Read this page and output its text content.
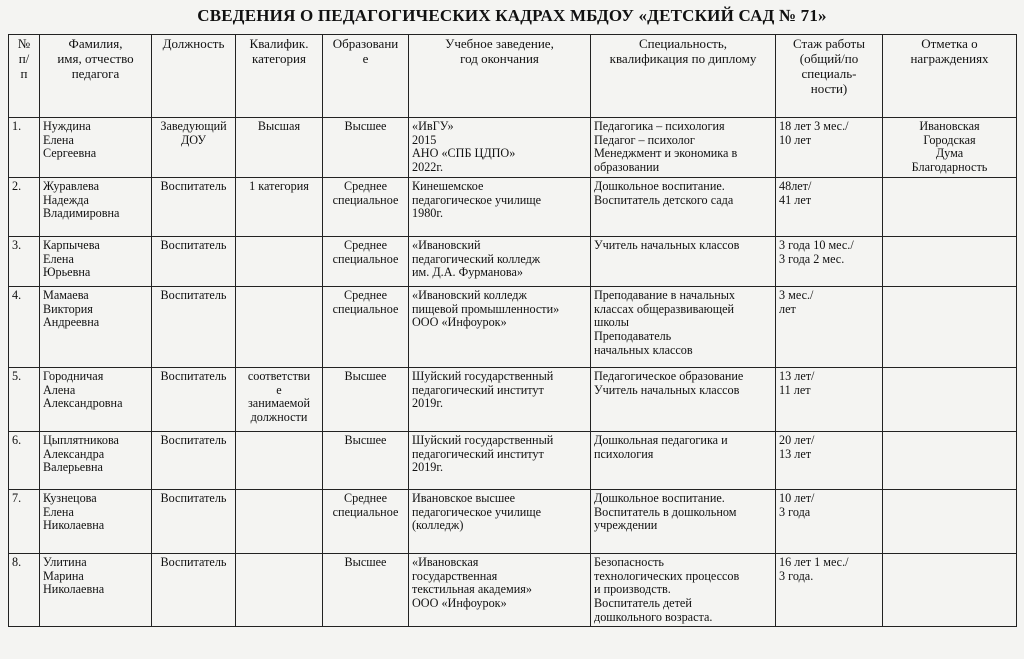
СВЕДЕНИЯ О ПЕДАГОГИЧЕСКИХ КАДРАХ МБДОУ «ДЕТСКИЙ САД № 71»
№
п/
п	Фамилия,
имя, отчество
педагога	Должность	Квалифик.
категория	Образовани
е	Учебное заведение,
год окончания	Специальность,
квалификация по диплому	Стаж работы
(общий/по
специаль-
ности)	Отметка о
награждениях

1.	Нуждина
Елена
Сергеевна	Заведующий
ДОУ	Высшая	Высшее	«ИвГУ»
2015
АНО «СПБ ЦДПО»
2022г.	Педагогика – психология
Педагог – психолог
Менеджмент и экономика в
образовании	18 лет 3 мес./
10 лет	Ивановская
Городская
Дума
Благодарность

2.	Журавлева
Надежда
Владимировна	Воспитатель	1 категория	Среднее
специальное	Кинешемское
педагогическое училище
1980г.	Дошкольное воспитание.
Воспитатель детского сада	48лет/
41 лет	

3.	Карпычева
Елена
Юрьевна	Воспитатель		Среднее
специальное	«Ивановский
педагогический колледж
им. Д.А. Фурманова»	Учитель начальных классов	3 года 10 мес./
3 года 2 мес.	

4.	Мамаева
Виктория
Андреевна	Воспитатель		Среднее
специальное	«Ивановский колледж
пищевой промышленности»
ООО «Инфоурок»	Преподавание в начальных
классах общеразвивающей
школы
Преподаватель
начальных классов	3 мес./
лет	

5.	Городничая
Алена
Александровна	Воспитатель	соответстви
е
занимаемой
должности	Высшее	Шуйский государственный
педагогический институт
2019г.	Педагогическое образование
Учитель начальных классов	13 лет/
11 лет	

6.	Цыплятникова
Александра
Валерьевна	Воспитатель		Высшее	Шуйский государственный
педагогический институт
2019г.	Дошкольная педагогика и
психология	20 лет/
13 лет	

7.	Кузнецова
Елена
Николаевна	Воспитатель		Среднее
специальное	Ивановское высшее
педагогическое училище
(колледж)	Дошкольное воспитание.
Воспитатель в дошкольном
учреждении	10 лет/
3 года	

8.	Улитина
Марина
Николаевна	Воспитатель		Высшее	«Ивановская
государственная
текстильная академия»
ООО «Инфоурок»	Безопасность
технологических процессов
и производств.
Воспитатель детей
дошкольного возраста.	16 лет 1 мес./
3 года.	
